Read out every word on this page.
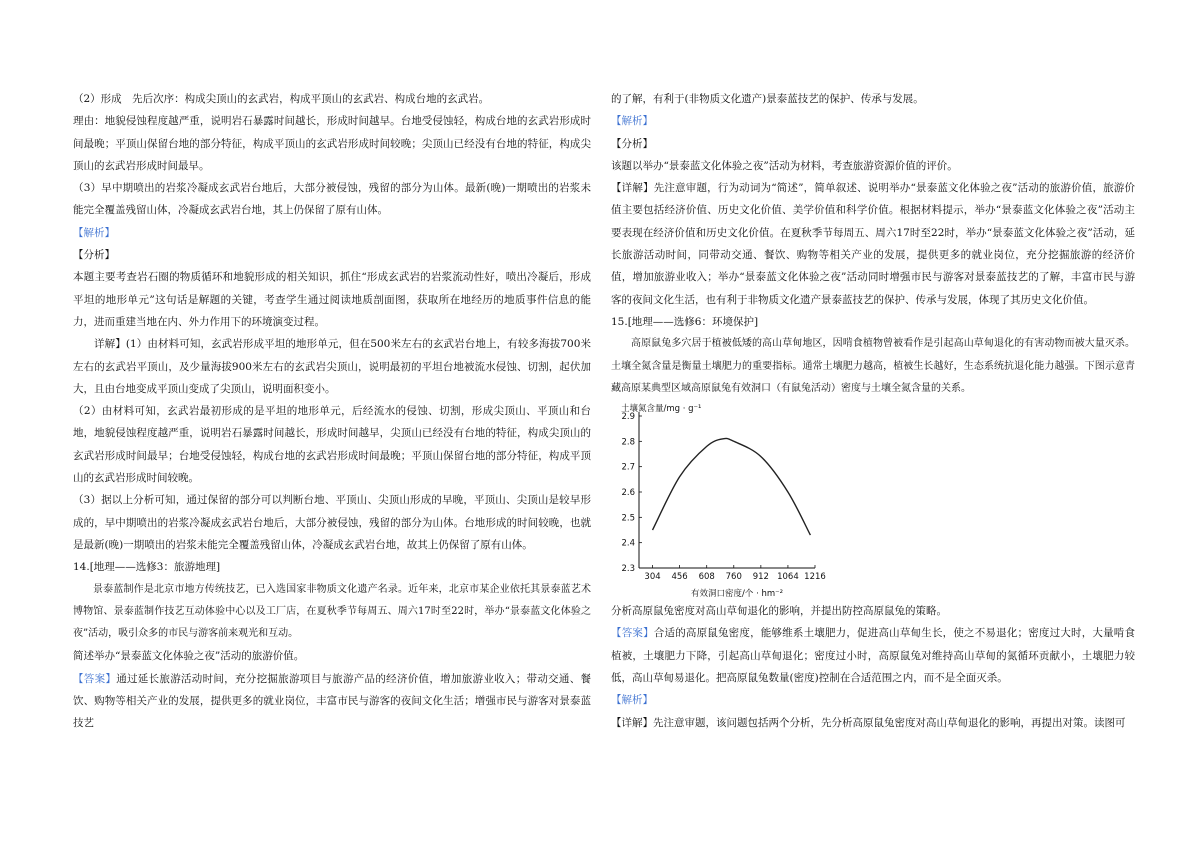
（2）形成　先后次序：构成尖顶山的玄武岩，构成平顶山的玄武岩、构成台地的玄武岩。

理由：地貌侵蚀程度越严重，说明岩石暴露时间越长，形成时间越早。台地受侵蚀轻，构成台地的玄武岩形成时间最晚；平顶山保留台地的部分特征，构成平顶山的玄武岩形成时间较晚；尖顶山已经没有台地的特征，构成尖顶山的玄武岩形成时间最早。

（3）早中期喷出的岩浆冷凝成玄武岩台地后，大部分被侵蚀，残留的部分为山体。最新(晚)一期喷出的岩浆未能完全覆盖残留山体，冷凝成玄武岩台地，其上仍保留了原有山体。

【解析】

【分析】

本题主要考查岩石圈的物质循环和地貌形成的相关知识，抓住“形成玄武岩的岩浆流动性好，喷出冷凝后，形成平坦的地形单元”这句话是解题的关键，考查学生通过阅读地质剖面图，获取所在地经历的地质事件信息的能力，进而重建当地在内、外力作用下的环境演变过程。

详解】(1）由材料可知，玄武岩形成平坦的地形单元，但在500米左右的玄武岩台地上，有较多海拔700米左右的玄武岩平顶山，及少量海拔900米左右的玄武岩尖顶山，说明最初的平坦台地被流水侵蚀、切割，起伏加大，且由台地变成平顶山变成了尖顶山，说明面积变小。

（2）由材料可知，玄武岩最初形成的是平坦的地形单元，后经流水的侵蚀、切割，形成尖顶山、平顶山和台地，地貌侵蚀程度越严重，说明岩石暴露时间越长，形成时间越早，尖顶山已经没有台地的特征，构成尖顶山的玄武岩形成时间最早；台地受侵蚀轻，构成台地的玄武岩形成时间最晚；平顶山保留台地的部分特征，构成平顶山的玄武岩形成时间较晚。

（3）据以上分析可知，通过保留的部分可以判断台地、平顶山、尖顶山形成的早晚，平顶山、尖顶山是较早形成的，早中期喷出的岩浆冷凝成玄武岩台地后，大部分被侵蚀，残留的部分为山体。台地形成的时间较晚，也就是最新(晚)一期喷出的岩浆未能完全覆盖残留山体，冷凝成玄武岩台地，故其上仍保留了原有山体。

14.[地理——选修3：旅游地理]

景泰蓝制作是北京市地方传统技艺，已入选国家非物质文化遗产名录。近年来，北京市某企业依托其景泰蓝艺术博物馆、景泰蓝制作技艺互动体验中心以及工厂店，在夏秋季节每周五、周六17时至22时，举办“景泰蓝文化体验之夜”活动，吸引众多的市民与游客前来观光和互动。

简述举办“景泰蓝文化体验之夜”活动的旅游价值。

【答案】通过延长旅游活动时间，充分挖掘旅游项目与旅游产品的经济价值，增加旅游业收入；带动交通、餐饮、购物等相关产业的发展，提供更多的就业岗位，丰富市民与游客的夜间文化生活；增强市民与游客对景泰蓝技艺

的了解，有利于(非物质文化遗产)景泰蓝技艺的保护、传承与发展。

【解析】

【分析】

该题以举办“景泰蓝文化体验之夜”活动为材料，考查旅游资源价值的评价。

【详解】先注意审题，行为动词为“简述”，简单叙述、说明举办“景泰蓝文化体验之夜”活动的旅游价值，旅游价值主要包括经济价值、历史文化价值、美学价值和科学价值。根据材料提示，举办“景泰蓝文化体验之夜”活动主要表现在经济价值和历史文化价值。在夏秋季节每周五、周六17时至22时，举办“景泰蓝文化体验之夜”活动，延长旅游活动时间，同带动交通、餐饮、购物等相关产业的发展，提供更多的就业岗位，充分挖掘旅游的经济价值，增加旅游业收入；举办“景泰蓝文化体验之夜”活动同时增强市民与游客对景泰蓝技艺的了解，丰富市民与游客的夜间文化生活，也有利于非物质文化遗产景泰蓝技艺的保护、传承与发展，体现了其历史文化价值。

15.[地理——选修6：环境保护]

高原鼠兔多穴居于植被低矮的高山草甸地区，因啃食植物曾被看作是引起高山草甸退化的有害动物而被大量灭杀。土壤全氮含量是衡量土壤肥力的重要指标。通常土壤肥力越高，植被生长越好，生态系统抗退化能力越强。下图示意青藏高原某典型区域高原鼠兔有效洞口（有鼠兔活动）密度与土壤全氮含量的关系。

土壤氮含量/mg · g⁻¹
2.3
2.4
2.5
2.6
2.7
2.8
2.9
304 456 608 760 912 1064 1216
有效洞口密度/个 · hm⁻²

分析高原鼠兔密度对高山草甸退化的影响，并提出防控高原鼠兔的策略。

【答案】合适的高原鼠兔密度，能够维系土壤肥力，促进高山草甸生长，使之不易退化；密度过大时，大量啃食植被，土壤肥力下降，引起高山草甸退化；密度过小时，高原鼠兔对维持高山草甸的氮循环贡献小，土壤肥力较低，高山草甸易退化。把高原鼠兔数量(密度)控制在合适范围之内，而不是全面灭杀。

【解析】

【详解】先注意审题，该问题包括两个分析，先分析高原鼠兔密度对高山草甸退化的影响，再提出对策。读图可
